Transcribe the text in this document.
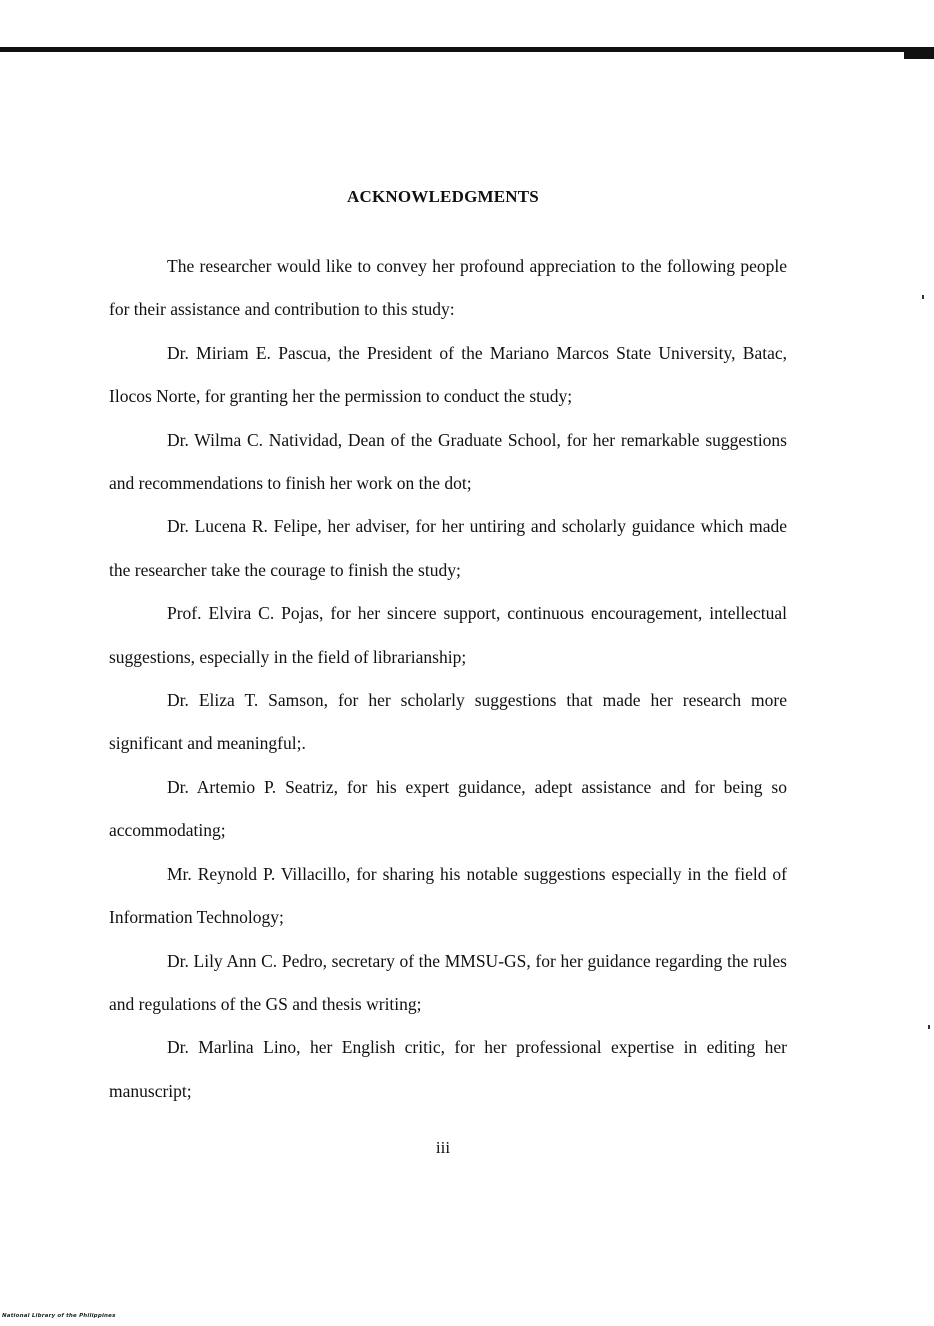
ACKNOWLEDGMENTS

The researcher would like to convey her profound appreciation to the following people for their assistance and contribution to this study:

Dr. Miriam E. Pascua, the President of the Mariano Marcos State University, Batac, Ilocos Norte, for granting her the permission to conduct the study;

Dr. Wilma C. Natividad, Dean of the Graduate School, for her remarkable suggestions and recommendations to finish her work on the dot;

Dr. Lucena R. Felipe, her adviser, for her untiring and scholarly guidance which made the researcher take the courage to finish the study;

Prof. Elvira C. Pojas, for her sincere support, continuous encouragement, intellectual suggestions, especially in the field of librarianship;

Dr. Eliza T. Samson, for her scholarly suggestions that made her research more significant and meaningful;.

Dr. Artemio P. Seatriz, for his expert guidance, adept assistance and for being so accommodating;

Mr. Reynold P. Villacillo, for sharing his notable suggestions especially in the field of Information Technology;

Dr. Lily Ann C. Pedro, secretary of the MMSU-GS, for her guidance regarding the rules and regulations of the GS and thesis writing;

Dr. Marlina Lino, her English critic, for her professional expertise in editing her manuscript;

iii
National Library of the Philippines
